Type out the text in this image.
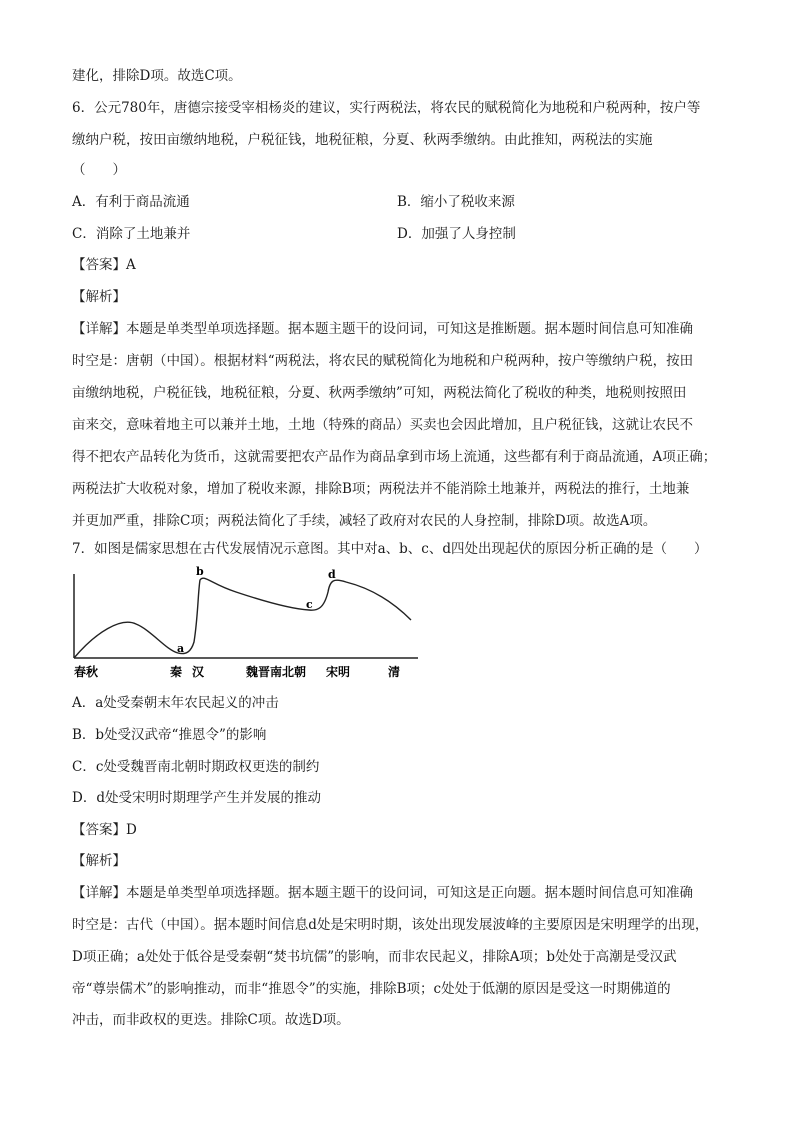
建化，排除D项。故选C项。
6．公元780年，唐德宗接受宰相杨炎的建议，实行两税法，将农民的赋税简化为地税和户税两种，按户等
缴纳户税，按田亩缴纳地税，户税征钱，地税征粮，分夏、秋两季缴纳。由此推知，两税法的实施
（　　）
A．有利于商品流通	B．缩小了税收来源
C．消除了土地兼并	D．加强了人身控制
【答案】A
【解析】
【详解】本题是单类型单项选择题。据本题主题干的设问词，可知这是推断题。据本题时间信息可知准确
时空是：唐朝（中国）。根据材料“两税法，将农民的赋税简化为地税和户税两种，按户等缴纳户税，按田
亩缴纳地税，户税征钱，地税征粮，分夏、秋两季缴纳”可知，两税法简化了税收的种类，地税则按照田
亩来交，意味着地主可以兼并土地，土地（特殊的商品）买卖也会因此增加，且户税征钱，这就让农民不
得不把农产品转化为货币，这就需要把农产品作为商品拿到市场上流通，这些都有利于商品流通，A项正确；
两税法扩大收税对象，增加了税收来源，排除B项；两税法并不能消除土地兼并，两税法的推行，土地兼
并更加严重，排除C项；两税法简化了手续，减轻了政府对农民的人身控制，排除D项。故选A项。
7．如图是儒家思想在古代发展情况示意图。其中对a、b、c、d四处出现起伏的原因分析正确的是（　　）
a
b
c
d
春秋	秦 汉	魏晋南北朝 宋明	清
A．a处受秦朝末年农民起义的冲击
B．b处受汉武帝“推恩令”的影响
C．c处受魏晋南北朝时期政权更迭的制约
D．d处受宋明时期理学产生并发展的推动
【答案】D
【解析】
【详解】本题是单类型单项选择题。据本题主题干的设问词，可知这是正向题。据本题时间信息可知准确
时空是：古代（中国）。据本题时间信息d处是宋明时期，该处出现发展波峰的主要原因是宋明理学的出现，
D项正确；a处处于低谷是受秦朝“焚书坑儒”的影响，而非农民起义，排除A项；b处处于高潮是受汉武
帝“尊崇儒术”的影响推动，而非“推恩令”的实施，排除B项；c处处于低潮的原因是受这一时期佛道的
冲击，而非政权的更迭。排除C项。故选D项。
